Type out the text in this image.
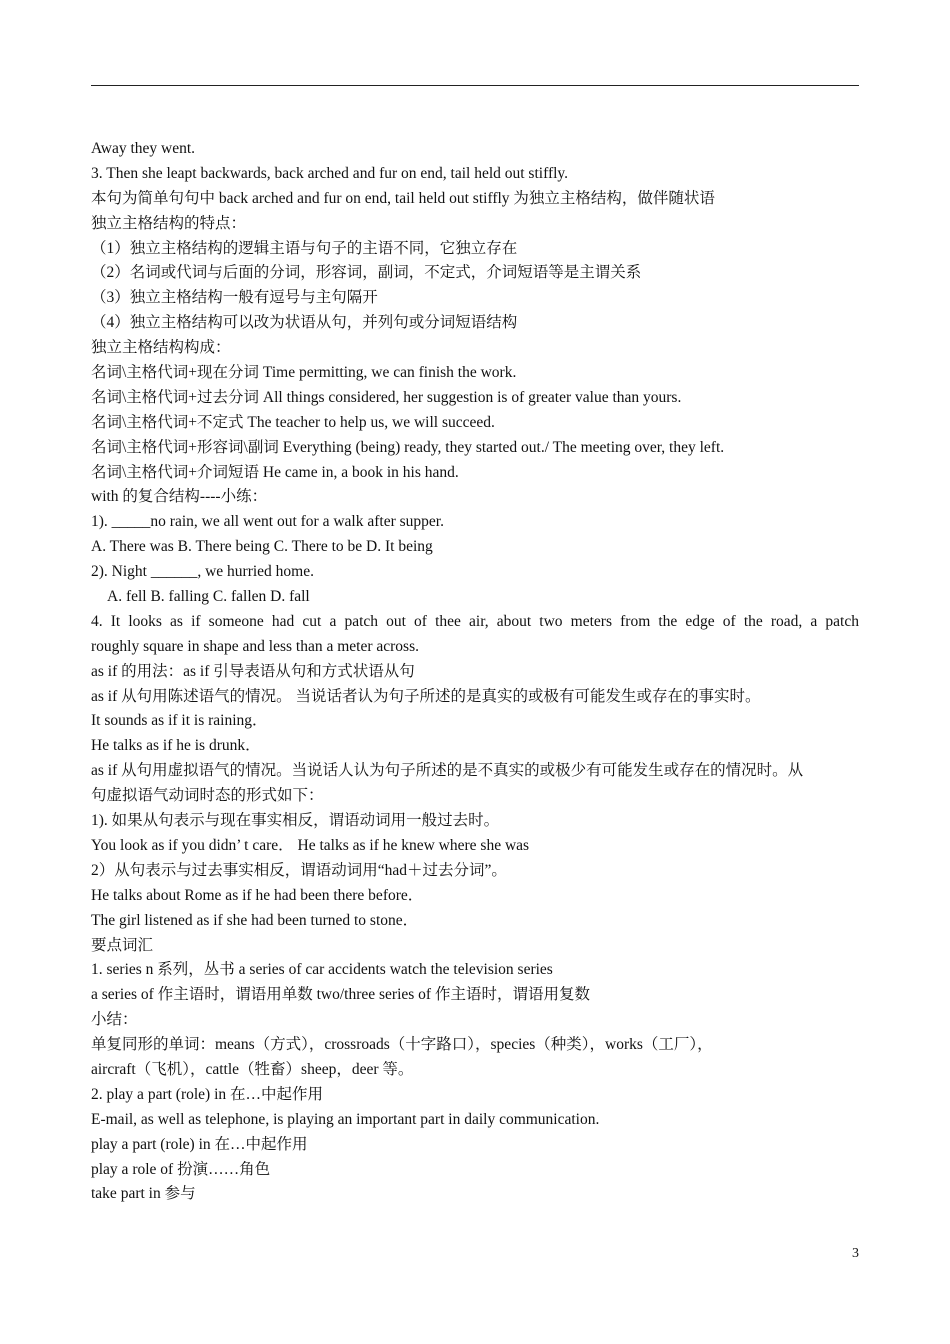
Away they went.
3. Then she leapt backwards, back arched and fur on end, tail held out stiffly.
本句为简单句句中 back arched and fur on end, tail held out stiffly 为独立主格结构，做伴随状语
独立主格结构的特点：
（1）独立主格结构的逻辑主语与句子的主语不同，它独立存在
（2）名词或代词与后面的分词，形容词，副词，不定式，介词短语等是主谓关系
（3）独立主格结构一般有逗号与主句隔开
（4）独立主格结构可以改为状语从句，并列句或分词短语结构
独立主格结构构成：
名词\主格代词+现在分词 Time permitting, we can finish the work.
名词\主格代词+过去分词 All things considered, her suggestion is of greater value than yours.
名词\主格代词+不定式 The teacher to help us, we will succeed.
名词\主格代词+形容词\副词 Everything (being) ready, they started out./ The meeting over, they left.
名词\主格代词+介词短语 He came in, a book in his hand.
with 的复合结构----小练：
1). _____no rain, we all went out for a walk after supper.
A. There was B. There being C. There to be D. It being
2). Night ______, we hurried home.
A. fell B. falling C. fallen D. fall
4. It looks as if someone had cut a patch out of thee air, about two meters from the edge of the road, a patch
roughly square in shape and less than a meter across.
as if 的用法：as if 引导表语从句和方式状语从句
as if 从句用陈述语气的情况。 当说话者认为句子所述的是真实的或极有可能发生或存在的事实时。
It sounds as if it is raining．
He talks as if he is drunk．
as if 从句用虚拟语气的情况。当说话人认为句子所述的是不真实的或极少有可能发生或存在的情况时。从
句虚拟语气动词时态的形式如下：
1). 如果从句表示与现在事实相反，谓语动词用一般过去时。
You look as if you didn’ t care． He talks as if he knew where she was
2）从句表示与过去事实相反，谓语动词用“had＋过去分词”。
He talks about Rome as if he had been there before．
The girl listened as if she had been turned to stone．
要点词汇
1. series n 系列，丛书 a series of car accidents watch the television series
a series of 作主语时，谓语用单数 two/three series of 作主语时，谓语用复数
小结：
单复同形的单词：means（方式），crossroads（十字路口），species（种类），works（工厂），
aircraft（飞机），cattle（牲畜）sheep，deer 等。
2. play a part (role) in 在…中起作用
E-mail, as well as telephone, is playing an important part in daily communication.
play a part (role) in 在…中起作用
play a role of 扮演……角色
take part in 参与
3
